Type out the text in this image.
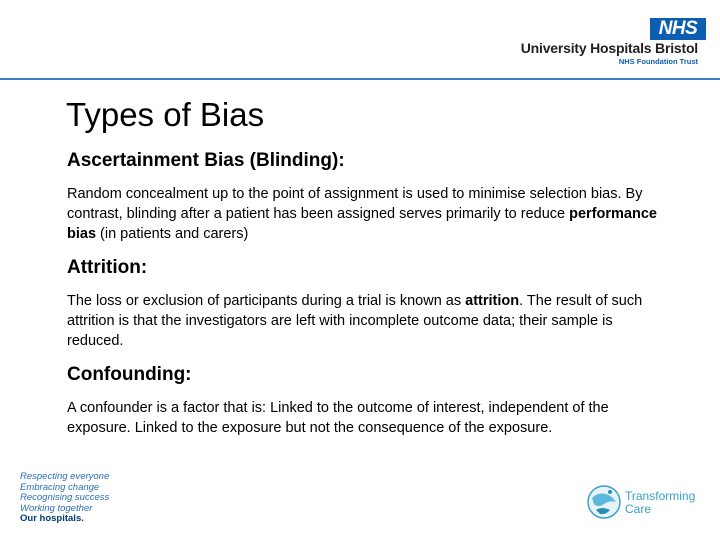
NHS
University Hospitals Bristol
NHS Foundation Trust
Types of Bias

Ascertainment Bias (Blinding):

Random concealment up to the point of assignment is used to minimise selection bias. By contrast, blinding after a patient has been assigned serves primarily to reduce performance bias (in patients and carers)

Attrition:

The loss or exclusion of participants during a trial is known as attrition. The result of such attrition is that the investigators are left with incomplete outcome data; their sample is reduced.

Confounding:

A confounder is a factor that is: Linked to the outcome of interest, independent of the exposure. Linked to the exposure but not the consequence of the exposure.

Respecting everyone
Embracing change
Recognising success
Working together
Our hospitals.
Transforming
Care
